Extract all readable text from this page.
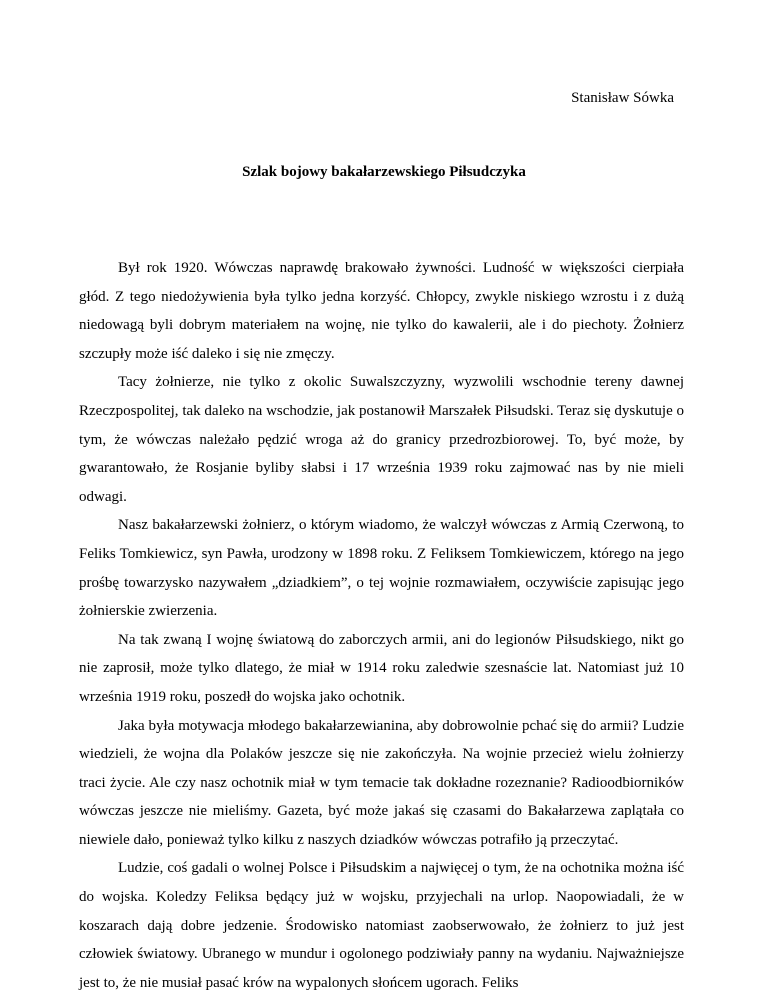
Stanisław Sówka
Szlak bojowy bakałarzewskiego Piłsudczyka

Był rok 1920. Wówczas naprawdę brakowało żywności. Ludność w większości cierpiała głód. Z tego niedożywienia była tylko jedna korzyść. Chłopcy, zwykle niskiego wzrostu i z dużą niedowagą byli dobrym materiałem na wojnę, nie tylko do kawalerii, ale i do piechoty. Żołnierz szczupły może iść daleko i się nie zmęczy.

Tacy żołnierze, nie tylko z okolic Suwalszczyzny, wyzwolili wschodnie tereny dawnej Rzeczpospolitej, tak daleko na wschodzie, jak postanowił Marszałek Piłsudski. Teraz się dyskutuje o tym, że wówczas należało pędzić wroga aż do granicy przedrozbiorowej. To, być może, by gwarantowało, że Rosjanie byliby słabsi i 17 września 1939 roku zajmować nas by nie mieli odwagi.

Nasz bakałarzewski żołnierz, o którym wiadomo, że walczył wówczas z Armią Czerwoną, to Feliks Tomkiewicz, syn Pawła, urodzony w 1898 roku. Z Feliksem Tomkiewiczem, którego na jego prośbę towarzysko nazywałem „dziadkiem”, o tej wojnie rozmawiałem, oczywiście zapisując jego żołnierskie zwierzenia.

Na tak zwaną I wojnę światową do zaborczych armii, ani do legionów Piłsudskiego, nikt go nie zaprosił, może tylko dlatego, że miał w 1914 roku zaledwie szesnaście lat. Natomiast już 10 września 1919 roku, poszedł do wojska jako ochotnik.

Jaka była motywacja młodego bakałarzewianina, aby dobrowolnie pchać się do armii? Ludzie wiedzieli, że wojna dla Polaków jeszcze się nie zakończyła. Na wojnie przecież wielu żołnierzy traci życie. Ale czy nasz ochotnik miał w tym temacie tak dokładne rozeznanie? Radioodbiorników wówczas jeszcze nie mieliśmy. Gazeta, być może jakaś się czasami do Bakałarzewa zaplątała co niewiele dało, ponieważ tylko kilku z naszych dziadków wówczas potrafiło ją przeczytać.

Ludzie, coś gadali o wolnej Polsce i Piłsudskim a najwięcej o tym, że na ochotnika można iść do wojska. Koledzy Feliksa będący już w wojsku, przyjechali na urlop. Naopowiadali, że w koszarach dają dobre jedzenie. Środowisko natomiast zaobserwowało, że żołnierz to już jest człowiek światowy. Ubranego w mundur i ogolonego podziwiały panny na wydaniu. Najważniejsze jest to, że nie musiał pasać krów na wypalonych słońcem ugorach. Feliks
